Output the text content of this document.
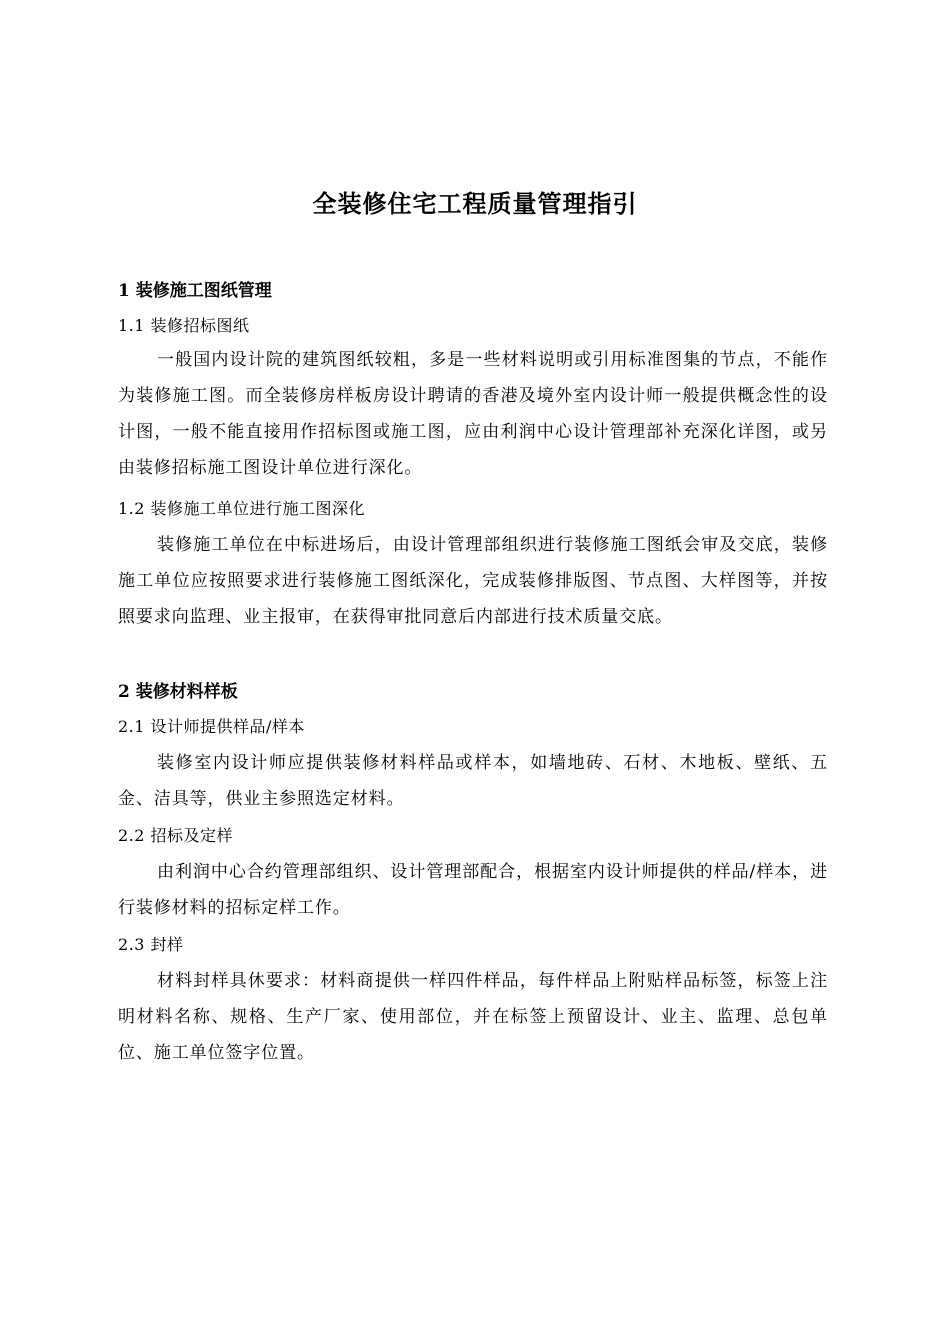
全装修住宅工程质量管理指引
1 装修施工图纸管理
1.1 装修招标图纸
一般国内设计院的建筑图纸较粗，多是一些材料说明或引用标准图集的节点，不能作为装修施工图。而全装修房样板房设计聘请的香港及境外室内设计师一般提供概念性的设计图，一般不能直接用作招标图或施工图，应由利润中心设计管理部补充深化详图，或另由装修招标施工图设计单位进行深化。
1.2 装修施工单位进行施工图深化
装修施工单位在中标进场后，由设计管理部组织进行装修施工图纸会审及交底，装修施工单位应按照要求进行装修施工图纸深化，完成装修排版图、节点图、大样图等，并按照要求向监理、业主报审，在获得审批同意后内部进行技术质量交底。
2 装修材料样板
2.1 设计师提供样品/样本
装修室内设计师应提供装修材料样品或样本，如墙地砖、石材、木地板、壁纸、五金、洁具等，供业主参照选定材料。
2.2 招标及定样
由利润中心合约管理部组织、设计管理部配合，根据室内设计师提供的样品/样本，进行装修材料的招标定样工作。
2.3 封样
材料封样具休要求：材料商提供一样四件样品，每件样品上附贴样品标签，标签上注明材料名称、规格、生产厂家、使用部位，并在标签上预留设计、业主、监理、总包单位、施工单位签字位置。
